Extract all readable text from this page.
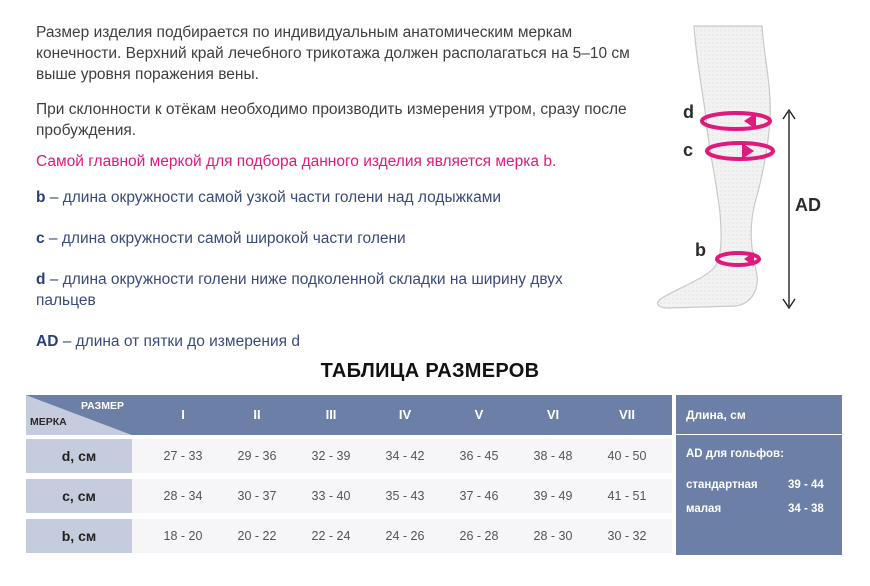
Размер изделия подбирается по индивидуальным анатомическим меркам конечности. Верхний край лечебного трикотажа должен располагаться на 5–10 см выше уровня поражения вены.

При склонности к отёкам необходимо производить измерения утром, сразу после пробуждения.

Самой главной меркой для подбора данного изделия является мерка b.

b – длина окружности самой узкой части голени над лодыжками

c – длина окружности самой широкой части голени

d – длина окружности голени ниже подколенной складки на ширину двух пальцев

AD – длина от пятки до измерения d

d
c
b
AD
ТАБЛИЦА РАЗМЕРОВ
РАЗМЕР
МЕРКА	I	II	III	IV	V	VI	VII
d, см	27 - 33	29 - 36	32 - 39	34 - 42	36 - 45	38 - 48	40 - 50
c, см	28 - 34	30 - 37	33 - 40	35 - 43	37 - 46	39 - 49	41 - 51
b, см	18 - 20	20 - 22	22 - 24	24 - 26	26 - 28	28 - 30	30 - 32
Длина, см
AD для гольфов:
стандартная	39 - 44
малая	34 - 38
